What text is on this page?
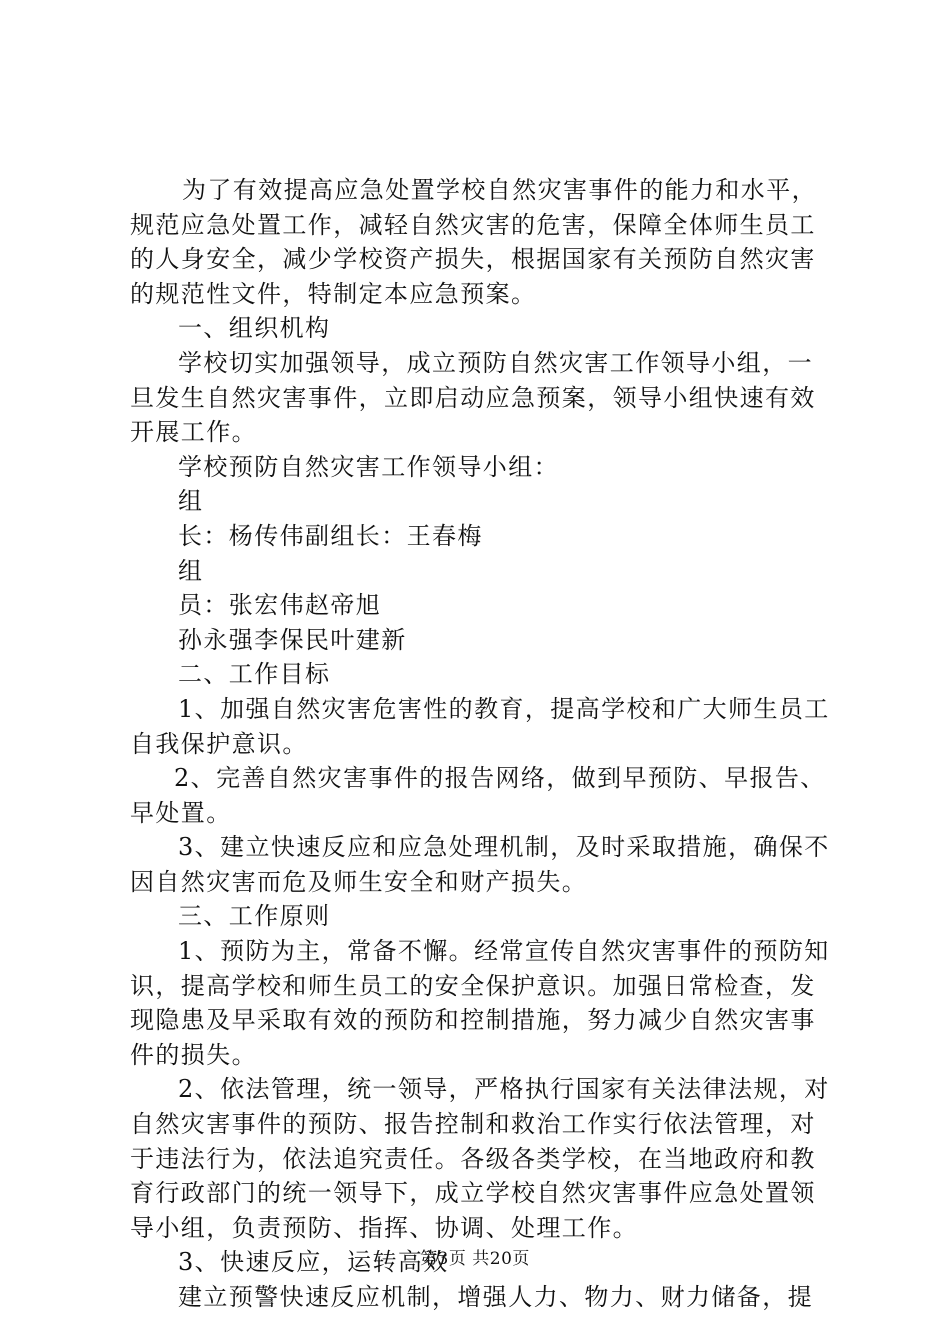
为了有效提高应急处置学校自然灾害事件的能力和水平，
规范应急处置工作，减轻自然灾害的危害，保障全体师生员工
的人身安全，减少学校资产损失，根据国家有关预防自然灾害
的规范性文件，特制定本应急预案。
一、组织机构
学校切实加强领导，成立预防自然灾害工作领导小组，一
旦发生自然灾害事件，立即启动应急预案，领导小组快速有效
开展工作。
学校预防自然灾害工作领导小组：
组
长：杨传伟副组长：王春梅
组
员：张宏伟赵帝旭
孙永强李保民叶建新
二、工作目标
1、加强自然灾害危害性的教育，提高学校和广大师生员工
自我保护意识。
2、完善自然灾害事件的报告网络，做到早预防、早报告、
早处置。
3、建立快速反应和应急处理机制，及时采取措施，确保不
因自然灾害而危及师生安全和财产损失。
三、工作原则
1、预防为主，常备不懈。经常宣传自然灾害事件的预防知
识，提高学校和师生员工的安全保护意识。加强日常检查，发
现隐患及早采取有效的预防和控制措施，努力减少自然灾害事
件的损失。
2、依法管理，统一领导，严格执行国家有关法律法规，对
自然灾害事件的预防、报告控制和救治工作实行依法管理，对
于违法行为，依法追究责任。各级各类学校，在当地政府和教
育行政部门的统一领导下，成立学校自然灾害事件应急处置领
导小组，负责预防、指挥、协调、处理工作。
3、快速反应，运转高效
建立预警快速反应机制，增强人力、物力、财力储备，提
第3页 共20页
